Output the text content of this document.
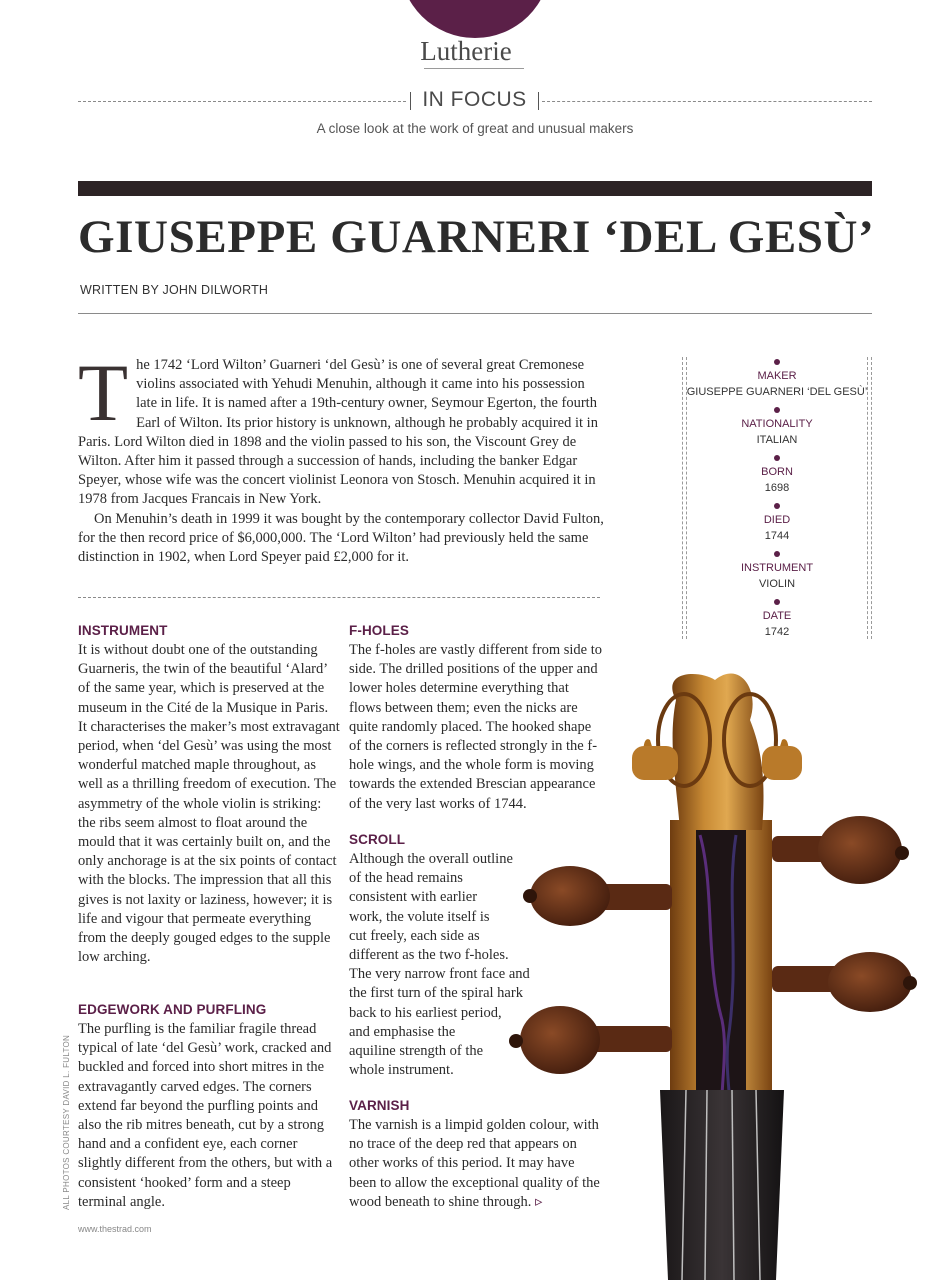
Lutherie
IN FOCUS
A close look at the work of great and unusual makers
GIUSEPPE GUARNERI ‘DEL GESÙ’
WRITTEN BY JOHN DILWORTH

The 1742 ‘Lord Wilton’ Guarneri ‘del Gesù’ is one of several great Cremonese violins associated with Yehudi Menuhin, although it came into his possession late in life. It is named after a 19th-century owner, Seymour Egerton, the fourth Earl of Wilton. Its prior history is unknown, although he probably acquired it in Paris. Lord Wilton died in 1898 and the violin passed to his son, the Viscount Grey de Wilton. After him it passed through a succession of hands, including the banker Edgar Speyer, whose wife was the concert violinist Leonora von Stosch. Menuhin acquired it in 1978 from Jacques Francais in New York.

On Menuhin’s death in 1999 it was bought by the contemporary collector David Fulton, for the then record price of $6,000,000. The ‘Lord Wilton’ had previously held the same distinction in 1902, when Lord Speyer paid £2,000 for it.

MAKER
GIUSEPPE GUARNERI ‘DEL GESÙ’
NATIONALITY
ITALIAN
BORN
1698
DIED
1744
INSTRUMENT
VIOLIN
DATE
1742
INSTRUMENT
It is without doubt one of the outstanding Guarneris, the twin of the beautiful ‘Alard’ of the same year, which is preserved at the museum in the Cité de la Musique in Paris. It characterises the maker’s most extravagant period, when ‘del Gesù’ was using the most wonderful matched maple throughout, as well as a thrilling freedom of execution. The asymmetry of the whole violin is striking: the ribs seem almost to float around the mould that it was certainly built on, and the only anchorage is at the six points of contact with the blocks. The impression that all this gives is not laxity or laziness, however; it is life and vigour that permeate everything from the deeply gouged edges to the supple low arching.
EDGEWORK AND PURFLING
The purfling is the familiar fragile thread typical of late ‘del Gesù’ work, cracked and buckled and forced into short mitres in the extravagantly carved edges. The corners extend far beyond the purfling points and also the rib mitres beneath, cut by a strong hand and a confident eye, each corner slightly different from the others, but with a consistent ‘hooked’ form and a steep terminal angle.
F-HOLES
The f-holes are vastly different from side to side. The drilled positions of the upper and lower holes determine everything that flows between them; even the nicks are quite randomly placed. The hooked shape of the corners is reflected strongly in the f-hole wings, and the whole form is moving towards the extended Brescian appearance of the very last works of 1744.
SCROLL
Although the overall outline
of the head remains
consistent with earlier
work, the volute itself is
cut freely, each side as
different as the two f-holes.
The very narrow front face and
the first turn of the spiral hark
back to his earliest period,
and emphasise the
aquiline strength of the
whole instrument.
VARNISH
The varnish is a limpid golden colour, with no trace of the deep red that appears on other works of this period. It may have been to allow the exceptional quality of the wood beneath to shine through. ▹
ALL PHOTOS COURTESY DAVID L. FULTON
www.thestrad.com
